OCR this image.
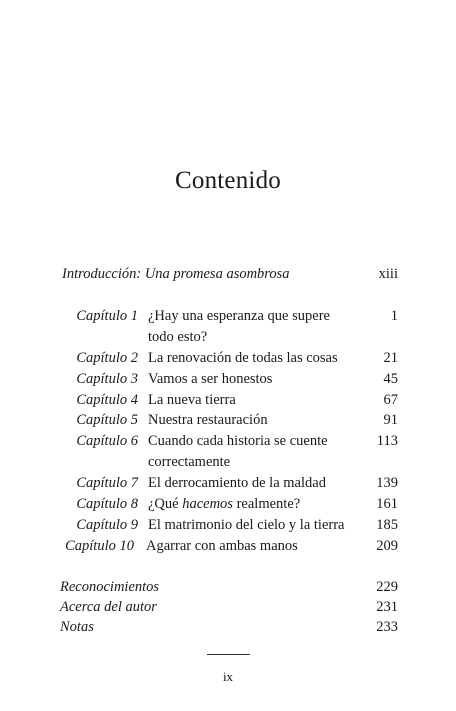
Contenido
Introducción: Una promesa asombrosa	xiii
Capítulo 1 ¿Hay una esperanza que supere	1
todo esto?
Capítulo 2 La renovación de todas las cosas	21
Capítulo 3 Vamos a ser honestos	45
Capítulo 4 La nueva tierra	67
Capítulo 5 Nuestra restauración	91
Capítulo 6 Cuando cada historia se cuente	113
correctamente
Capítulo 7 El derrocamiento de la maldad	139
Capítulo 8 ¿Qué hacemos realmente?	161
Capítulo 9 El matrimonio del cielo y la tierra	185
Capítulo 10 Agarrar con ambas manos	209
Reconocimientos	229
Acerca del autor	231
Notas	233
ix
